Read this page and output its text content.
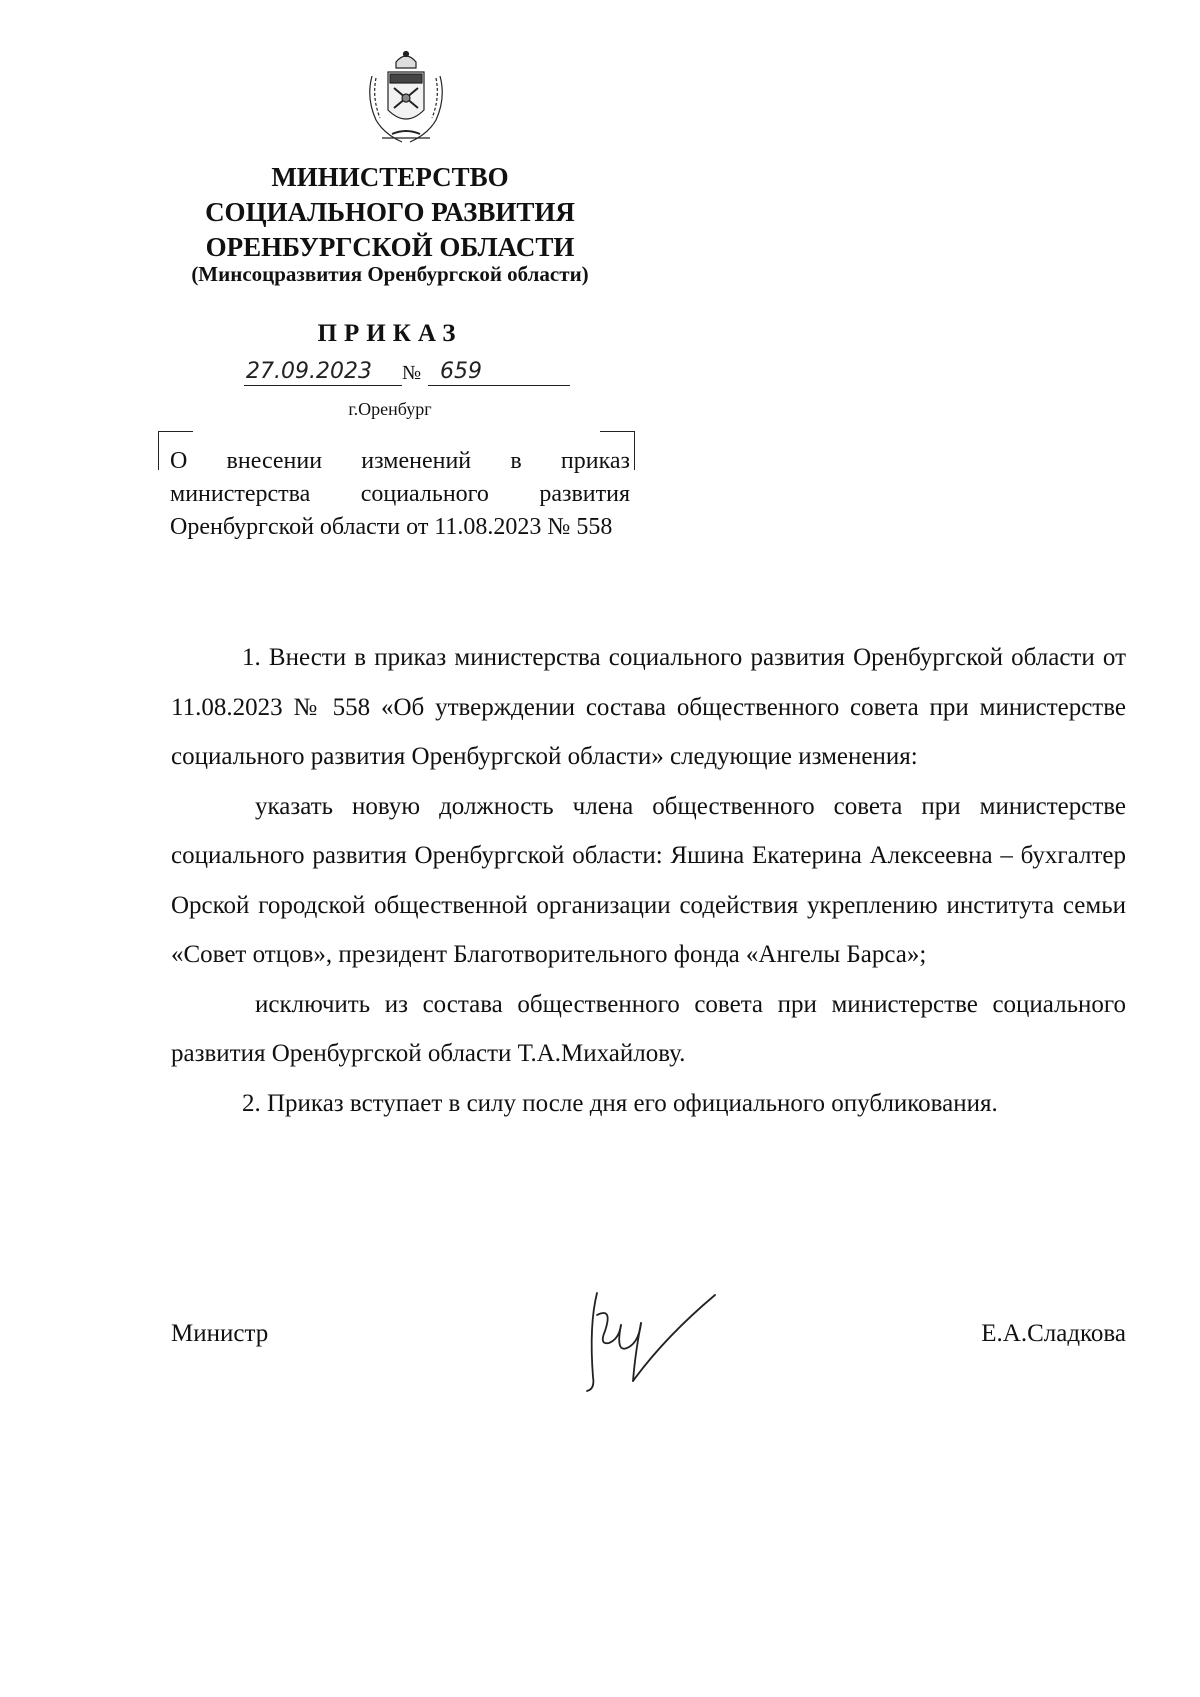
МИНИСТЕРСТВО
СОЦИАЛЬНОГО РАЗВИТИЯ
ОРЕНБУРГСКОЙ ОБЛАСТИ
(Минсоцразвития Оренбургской области)
ПРИКАЗ
27.09.2023 № 659
г.Оренбург
О внесении изменений в приказ министерства социального развития Оренбургской области от 11.08.2023 № 558

1. Внести в приказ министерства социального развития Оренбургской области от 11.08.2023 № 558 «Об утверждении состава общественного совета при министерстве социального развития Оренбургской области» следующие изменения:

указать новую должность члена общественного совета при министерстве социального развития Оренбургской области: Яшина Екатерина Алексеевна – бухгалтер Орской городской общественной организации содействия укреплению института семьи «Совет отцов», президент Благотворительного фонда «Ангелы Барса»;

исключить из состава общественного совета при министерстве социального развития Оренбургской области Т.А.Михайлову.

2. Приказ вступает в силу после дня его официального опубликования.

Министр	Е.А.Сладкова
